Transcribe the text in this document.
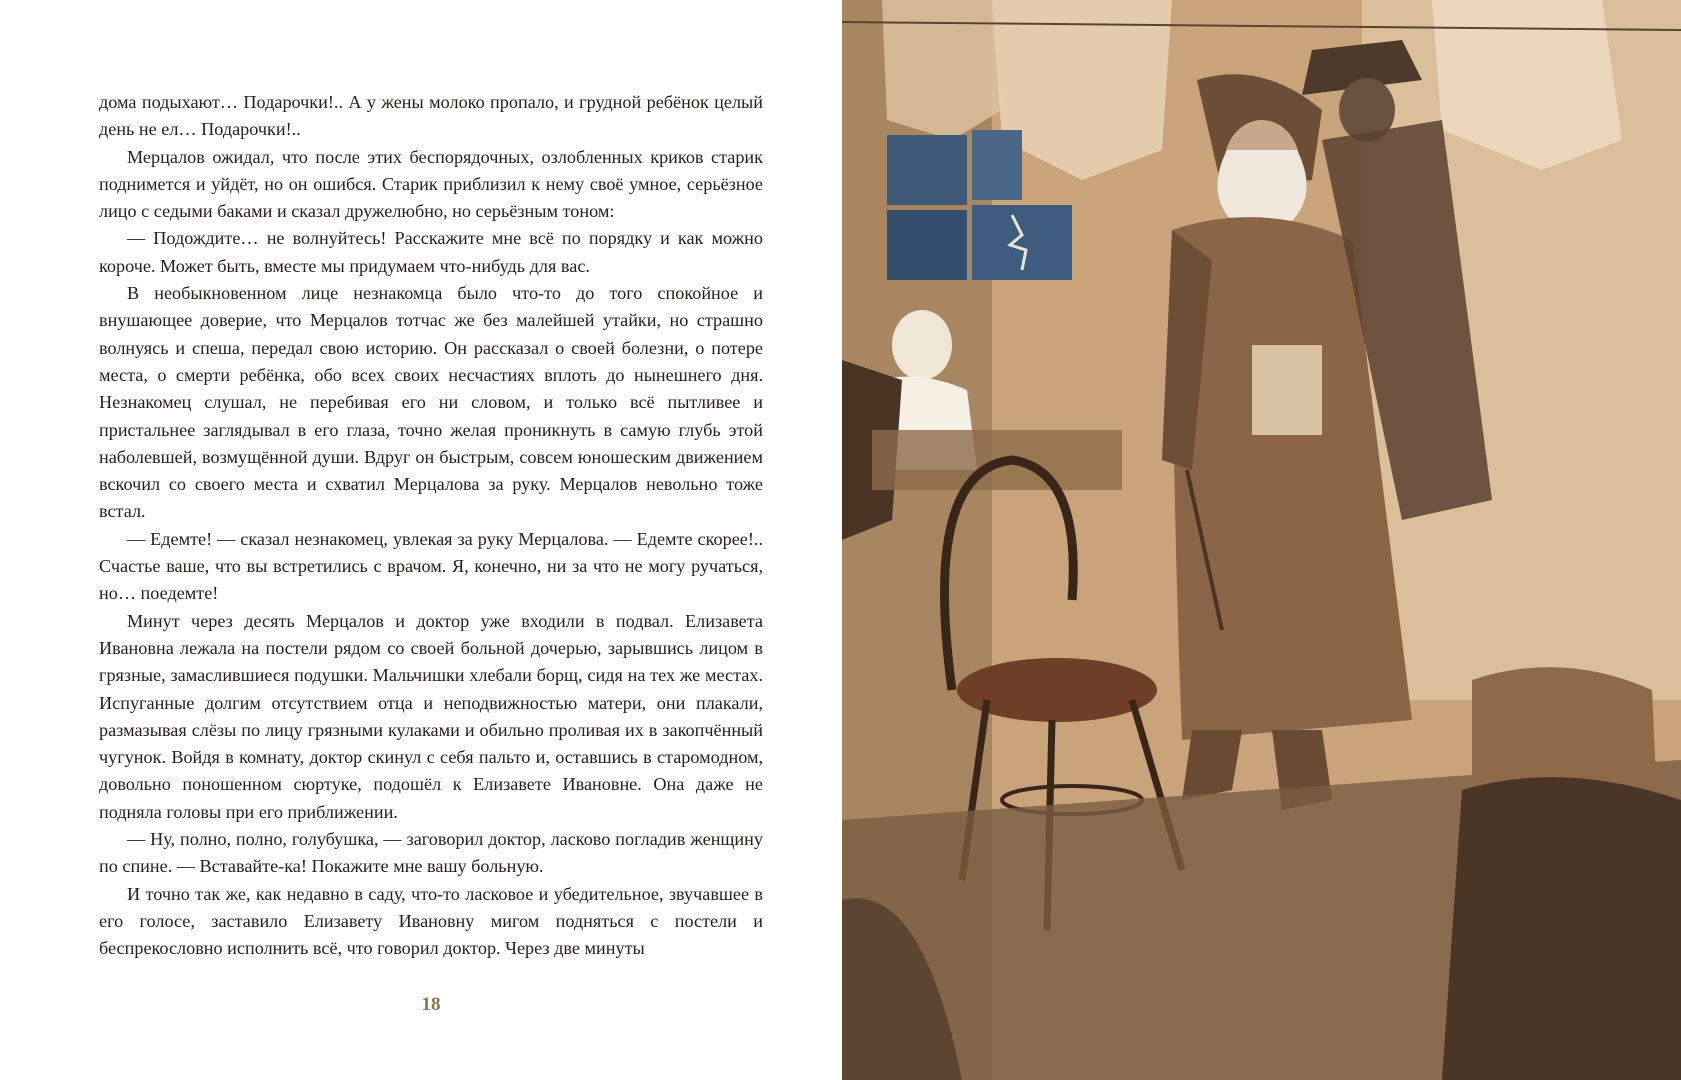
дома подыхают… Подарочки!.. А у жены молоко пропало, и грудной ребёнок целый день не ел… Подарочки!..

Мерцалов ожидал, что после этих беспорядочных, озлобленных криков старик поднимется и уйдёт, но он ошибся. Старик приблизил к нему своё умное, серьёзное лицо с седыми баками и сказал дружелюбно, но серьёзным тоном:

— Подождите… не волнуйтесь! Расскажите мне всё по порядку и как можно короче. Может быть, вместе мы придумаем что-нибудь для вас.

В необыкновенном лице незнакомца было что-то до того спокойное и внушающее доверие, что Мерцалов тотчас же без малейшей утайки, но страшно волнуясь и спеша, передал свою историю. Он рассказал о своей болезни, о потере места, о смерти ребёнка, обо всех своих несчастиях вплоть до нынешнего дня. Незнакомец слушал, не перебивая его ни словом, и только всё пытливее и пристальнее заглядывал в его глаза, точно желая проникнуть в самую глубь этой наболевшей, возмущённой души. Вдруг он быстрым, совсем юношеским движением вскочил со своего места и схватил Мерцалова за руку. Мерцалов невольно тоже встал.

— Едемте! — сказал незнакомец, увлекая за руку Мерцалова. — Едемте скорее!.. Счастье ваше, что вы встретились с врачом. Я, конечно, ни за что не могу ручаться, но… поедемте!

Минут через десять Мерцалов и доктор уже входили в подвал. Елизавета Ивановна лежала на постели рядом со своей больной дочерью, зарывшись лицом в грязные, замаслившиеся подушки. Мальчишки хлебали борщ, сидя на тех же местах. Испуганные долгим отсутствием отца и неподвижностью матери, они плакали, размазывая слёзы по лицу грязными кулаками и обильно проливая их в закопчённый чугунок. Войдя в комнату, доктор скинул с себя пальто и, оставшись в старомодном, довольно поношенном сюртуке, подошёл к Елизавете Ивановне. Она даже не подняла головы при его приближении.

— Ну, полно, полно, голубушка, — заговорил доктор, ласково погладив женщину по спине. — Вставайте-ка! Покажите мне вашу больную.

И точно так же, как недавно в саду, что-то ласковое и убедительное, звучавшее в его голосе, заставило Елизавету Ивановну мигом подняться с постели и беспрекословно исполнить всё, что говорил доктор. Через две минуты

18
